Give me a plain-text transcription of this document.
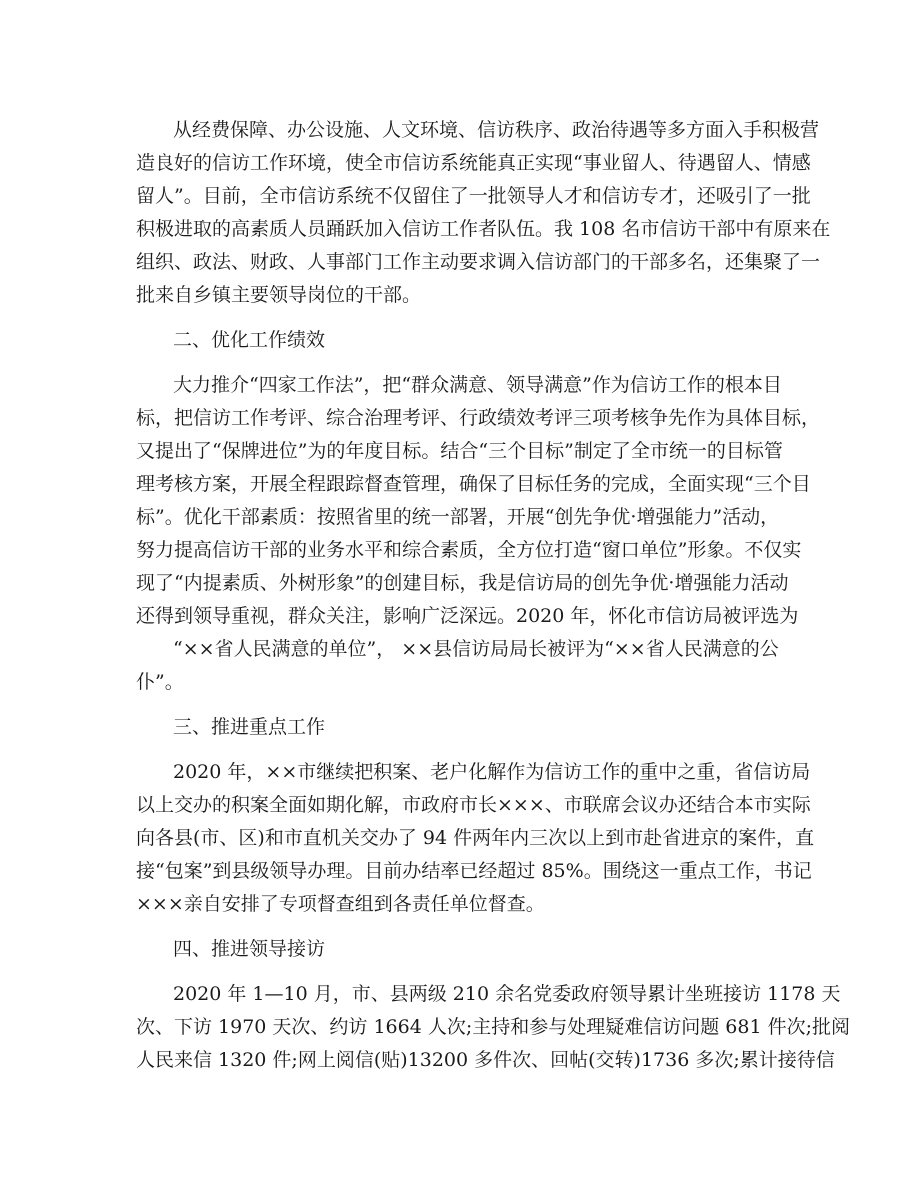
从经费保障、办公设施、人文环境、信访秩序、政治待遇等多方面入手积极营
造良好的信访工作环境，使全市信访系统能真正实现“事业留人、待遇留人、情感
留人”。目前，全市信访系统不仅留住了一批领导人才和信访专才，还吸引了一批
积极进取的高素质人员踊跃加入信访工作者队伍。我 108 名市信访干部中有原来在
组织、政法、财政、人事部门工作主动要求调入信访部门的干部多名，还集聚了一
批来自乡镇主要领导岗位的干部。
二、优化工作绩效
大力推介“四家工作法”，把“群众满意、领导满意”作为信访工作的根本目
标，把信访工作考评、综合治理考评、行政绩效考评三项考核争先作为具体目标，
又提出了“保牌进位”为的年度目标。结合“三个目标”制定了全市统一的目标管
理考核方案，开展全程跟踪督查管理，确保了目标任务的完成，全面实现“三个目
标”。优化干部素质：按照省里的统一部署，开展“创先争优·增强能力”活动，
努力提高信访干部的业务水平和综合素质，全方位打造“窗口单位”形象。不仅实
现了“内提素质、外树形象”的创建目标，我是信访局的创先争优·增强能力活动
还得到领导重视，群众关注，影响广泛深远。2020 年，怀化市信访局被评选为
“××省人民满意的单位”， ××县信访局局长被评为“××省人民满意的公
仆”。
三、推进重点工作
2020 年，××市继续把积案、老户化解作为信访工作的重中之重，省信访局
以上交办的积案全面如期化解，市政府市长×××、市联席会议办还结合本市实际
向各县(市、区)和市直机关交办了 94 件两年内三次以上到市赴省进京的案件，直
接“包案”到县级领导办理。目前办结率已经超过 85%。围绕这一重点工作，书记
×××亲自安排了专项督查组到各责任单位督查。
四、推进领导接访
2020 年 1—10 月，市、县两级 210 余名党委政府领导累计坐班接访 1178 天
次、下访 1970 天次、约访 1664 人次;主持和参与处理疑难信访问题 681 件次;批阅
人民来信 1320 件;网上阅信(贴)13200 多件次、回帖(交转)1736 多次;累计接待信
